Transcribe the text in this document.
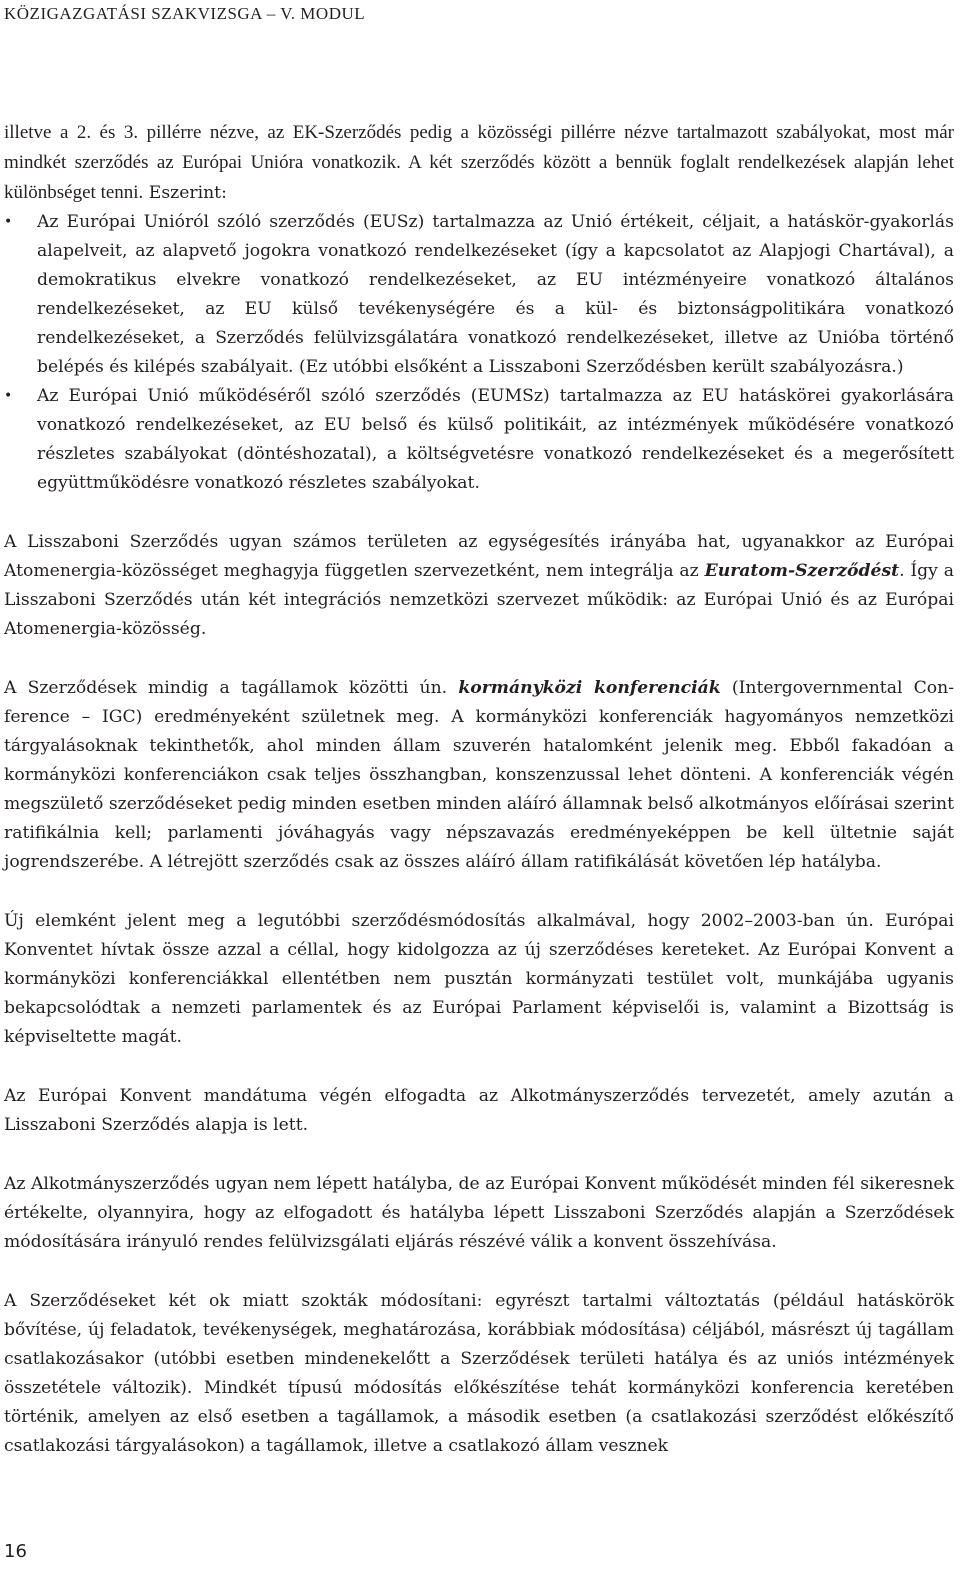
KÖZIGAZGATÁSI SZAKVIZSGA – V. MODUL

illetve a 2. és 3. pillérre nézve, az EK-Szerződés pedig a közösségi pillérre nézve tartalmazott szabályokat, most már mindkét szerződés az Európai Unióra vonatkozik. A két szerződés között a bennük foglalt rendelkezések alapján lehet különbséget tenni. Eszerint:

•	Az Európai Unióról szóló szerződés (EUSz) tartalmazza az Unió értékeit, céljait, a hatáskör-gyakorlás alapelveit, az alapvető jogokra vonatkozó rendelkezéseket (így a kapcsolatot az Alapjogi Chartával), a demokratikus elvekre vonatkozó rendelkezéseket, az EU intézményeire vonatkozó általános rendelkezéseket, az EU külső tevékenységére és a kül- és biztonságpolitikára vonatkozó rendelkezéseket, a Szerződés felülvizsgálatára vonatkozó rendelkezéseket, illetve az Unióba történő belépés és kilépés szabályait. (Ez utóbbi elsőként a Lisszaboni Szerződésben került szabályozásra.)
•	Az Európai Unió működéséről szóló szerződés (EUMSz) tartalmazza az EU hatáskörei gyakorlására vonatkozó rendelkezéseket, az EU belső és külső politikáit, az intézmények működésére vonatkozó részletes szabályokat (döntéshozatal), a költségvetésre vonatkozó rendelkezéseket és a megerősített együttműködésre vonatkozó részletes szabályokat.

A Lisszaboni Szerződés ugyan számos területen az egységesítés irányába hat, ugyanakkor az Európai Atomenergia-közösséget meghagyja független szervezetként, nem integrálja az Euratom-Szerződést. Így a Lisszaboni Szerződés után két integrációs nemzetközi szervezet működik: az Európai Unió és az Európai Atomenergia-közösség.

A Szerződések mindig a tagállamok közötti ún. kormányközi konferenciák (Intergovernmental Conference – IGC) eredményeként születnek meg. A kormányközi konferenciák hagyományos nemzetközi tárgyalásoknak tekinthetők, ahol minden állam szuverén hatalomként jelenik meg. Ebből fakadóan a kormányközi konferenciákon csak teljes összhangban, konszenzussal lehet dönteni. A konferenciák végén megszülető szerződéseket pedig minden esetben minden aláíró államnak belső alkotmányos előírásai szerint ratifikálnia kell; parlamenti jóváhagyás vagy népszavazás eredményeképpen be kell ültetnie saját jogrendszerébe. A létrejött szerződés csak az összes aláíró állam ratifikálását követően lép hatályba.

Új elemként jelent meg a legutóbbi szerződésmódosítás alkalmával, hogy 2002–2003-ban ún. Európai Konventet hívtak össze azzal a céllal, hogy kidolgozza az új szerződéses kereteket. Az Európai Konvent a kormányközi konferenciákkal ellentétben nem pusztán kormányzati testület volt, munkájába ugyanis bekapcsolódtak a nemzeti parlamentek és az Európai Parlament képviselői is, valamint a Bizottság is képviseltette magát.

Az Európai Konvent mandátuma végén elfogadta az Alkotmányszerződés tervezetét, amely azután a Lisszaboni Szerződés alapja is lett.

Az Alkotmányszerződés ugyan nem lépett hatályba, de az Európai Konvent működését minden fél sikeresnek értékelte, olyannyira, hogy az elfogadott és hatályba lépett Lisszaboni Szerződés alapján a Szerződések módosítására irányuló rendes felülvizsgálati eljárás részévé válik a konvent összehívása.

A Szerződéseket két ok miatt szokták módosítani: egyrészt tartalmi változtatás (például hatáskörök bővítése, új feladatok, tevékenységek, meghatározása, korábbiak módosítása) céljából, másrészt új tagállam csatlakozásakor (utóbbi esetben mindenekelőtt a Szerződések területi hatálya és az uniós intézmények összetétele változik). Mindkét típusú módosítás előkészítése tehát kormányközi konferencia keretében történik, amelyen az első esetben a tagállamok, a második esetben (a csatlakozási szerződést előkészítő csatlakozási tárgyalásokon) a tagállamok, illetve a csatlakozó állam vesznek

16
